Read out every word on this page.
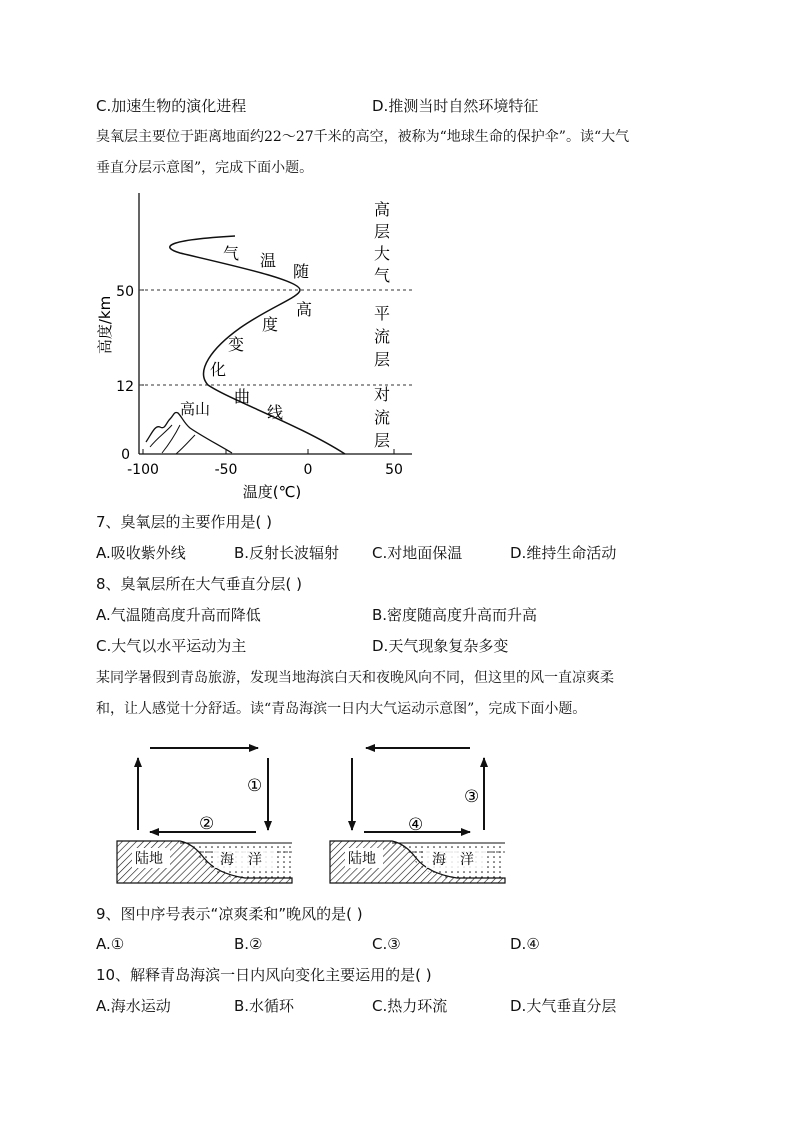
C.加速生物的演化进程	D.推测当时自然环境特征
臭氧层主要位于距离地面约22～27千米的高空，被称为“地球生命的保护伞”。读“大气
垂直分层示意图”，完成下面小题。
0
12
50
-100	-50	0	50
温度(℃)
高度/km
高
层
大
气
平
流
层
对
流
层
气 温
随
高
度
变
化
曲
线
高山
7、臭氧层的主要作用是( )
A.吸收紫外线	B.反射长波辐射 C.对地面保温	D.维持生命活动
8、臭氧层所在大气垂直分层( )
A.气温随高度升高而降低	B.密度随高度升高而升高
C.大气以水平运动为主	D.天气现象复杂多变
某同学暑假到青岛旅游，发现当地海滨白天和夜晚风向不同，但这里的风一直凉爽柔
和，让人感觉十分舒适。读“青岛海滨一日内大气运动示意图”，完成下面小题。
陆地	海　洋
①
②
陆地	海　洋
③
④
9、图中序号表示“凉爽柔和”晚风的是( )
A.①	B.②	C.③	D.④
10、解释青岛海滨一日内风向变化主要运用的是( )
A.海水运动	B.水循环	C.热力环流	D.大气垂直分层
